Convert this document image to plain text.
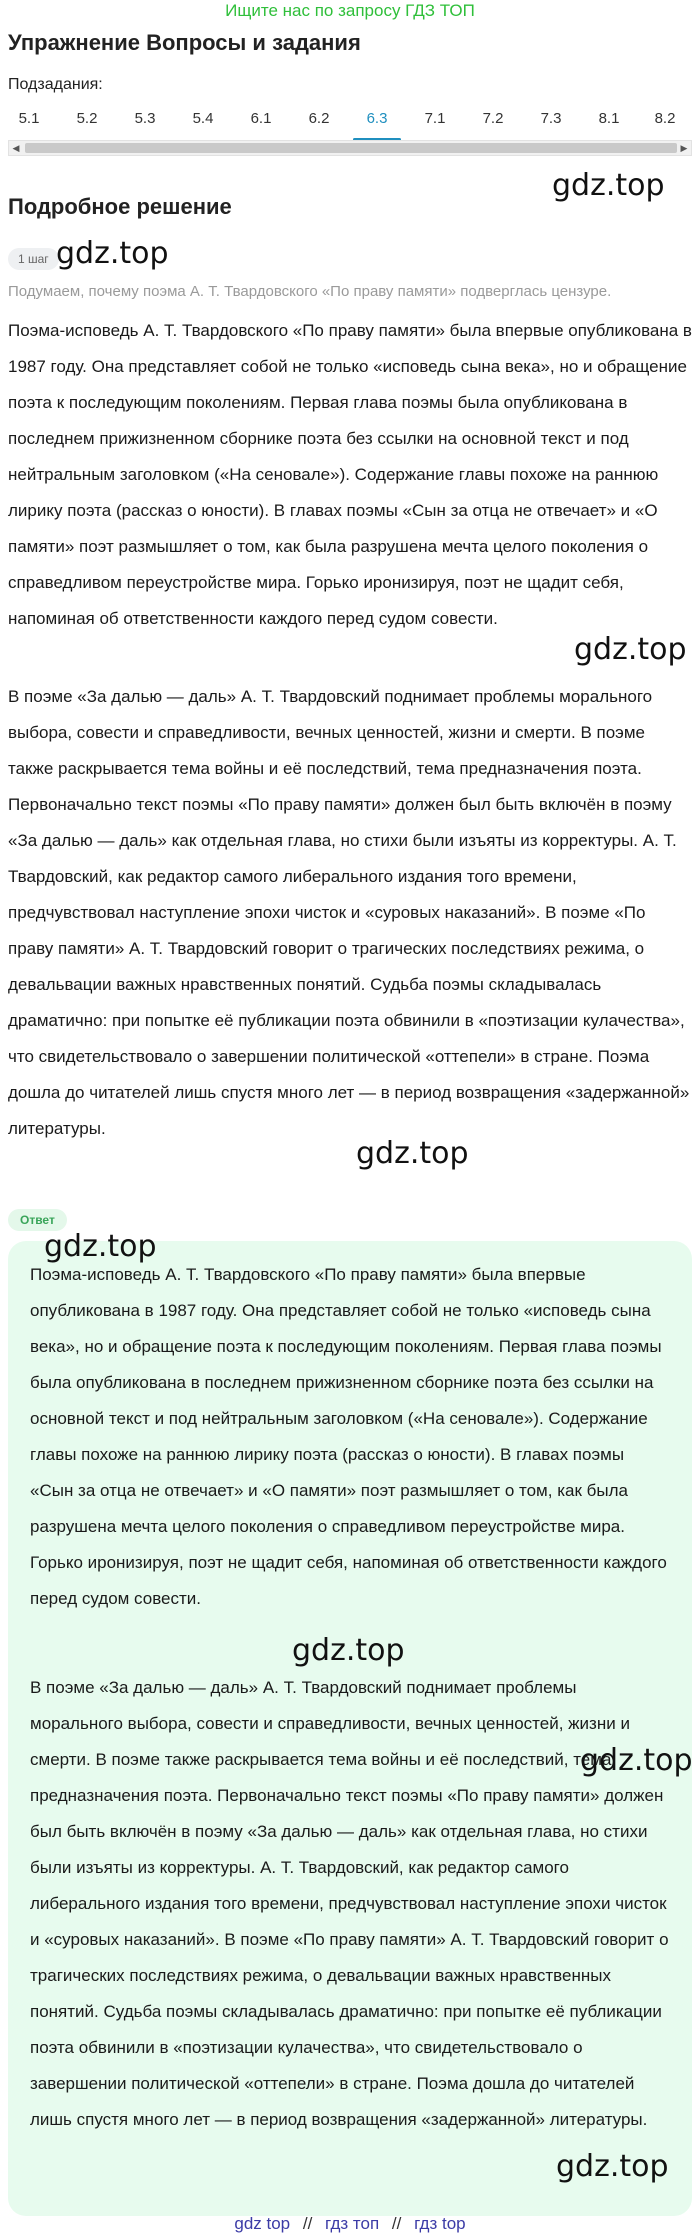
Ищите нас по запросу ГДЗ ТОП
Упражнение Вопросы и задания
Подзадания:
5.1	5.2	5.3	5.4	6.1	6.2	6.3	7.1	7.2	7.3	8.1	8.2
◀	▶
Подробное решение
gdz.top
1 шаг gdz.top
Подумаем, почему поэма А. Т. Твардовского «По праву памяти» подверглась цензуре.

Поэма-исповедь А. Т. Твардовского «По праву памяти» была впервые опубликована в 1987 году. Она представляет собой не только «исповедь сына века», но и обращение поэта к последующим поколениям. Первая глава поэмы была опубликована в последнем прижизненном сборнике поэта без ссылки на основной текст и под нейтральным заголовком («На сеновале»). Содержание главы похоже на раннюю лирику поэта (рассказ о юности). В главах поэмы «Сын за отца не отвечает» и «О памяти» поэт размышляет о том, как была разрушена мечта целого поколения о справедливом переустройстве мира. Горько иронизируя, поэт не щадит себя, напоминая об ответственности каждого перед судом совести.

gdz.top

В поэме «За далью — даль» А. Т. Твардовский поднимает проблемы морального выбора, совести и справедливости, вечных ценностей, жизни и смерти. В поэме также раскрывается тема войны и её последствий, тема предназначения поэта. Первоначально текст поэмы «По праву памяти» должен был быть включён в поэму «За далью — даль» как отдельная глава, но стихи были изъяты из корректуры. А. Т. Твардовский, как редактор самого либерального издания того времени, предчувствовал наступление эпохи чисток и «суровых наказаний». В поэме «По праву памяти» А. Т. Твардовский говорит о трагических последствиях режима, о девальвации важных нравственных понятий. Судьба поэмы складывалась драматично: при попытке её публикации поэта обвинили в «поэтизации кулачества», что свидетельствовало о завершении политической «оттепели» в стране. Поэма дошла до читателей лишь спустя много лет — в период возвращения «задержанной» литературы.

gdz.top
Ответ
gdz.top

Поэма-исповедь А. Т. Твардовского «По праву памяти» была впервые опубликована в 1987 году. Она представляет собой не только «исповедь сына века», но и обращение поэта к последующим поколениям. Первая глава поэмы была опубликована в последнем прижизненном сборнике поэта без ссылки на основной текст и под нейтральным заголовком («На сеновале»). Содержание главы похоже на раннюю лирику поэта (рассказ о юности). В главах поэмы «Сын за отца не отвечает» и «О памяти» поэт размышляет о том, как была разрушена мечта целого поколения о справедливом переустройстве мира. Горько иронизируя, поэт не щадит себя, напоминая об ответственности каждого перед судом совести.

gdz.top

В поэме «За далью — даль» А. Т. Твардовский поднимает проблемы морального выбора, совести и справедливости, вечных ценностей, жизни и смерти. В поэме также раскрывается тема войны и её последствий, тема предназначения поэта. Первоначально текст поэмы «По праву памяти» должен был быть включён в поэму «За далью — даль» как отдельная глава, но стихи были изъяты из корректуры. А. Т. Твардовский, как редактор самого либерального издания того времени, предчувствовал наступление эпохи чисток и «суровых наказаний». В поэме «По праву памяти» А. Т. Твардовский говорит о трагических последствиях режима, о девальвации важных нравственных понятий. Судьба поэмы складывалась драматично: при попытке её публикации поэта обвинили в «поэтизации кулачества», что свидетельствовало о завершении политической «оттепели» в стране. Поэма дошла до читателей лишь спустя много лет — в период возвращения «задержанной» литературы.

gdz.top
gdz.top
gdz top // гдз топ // гдз top
